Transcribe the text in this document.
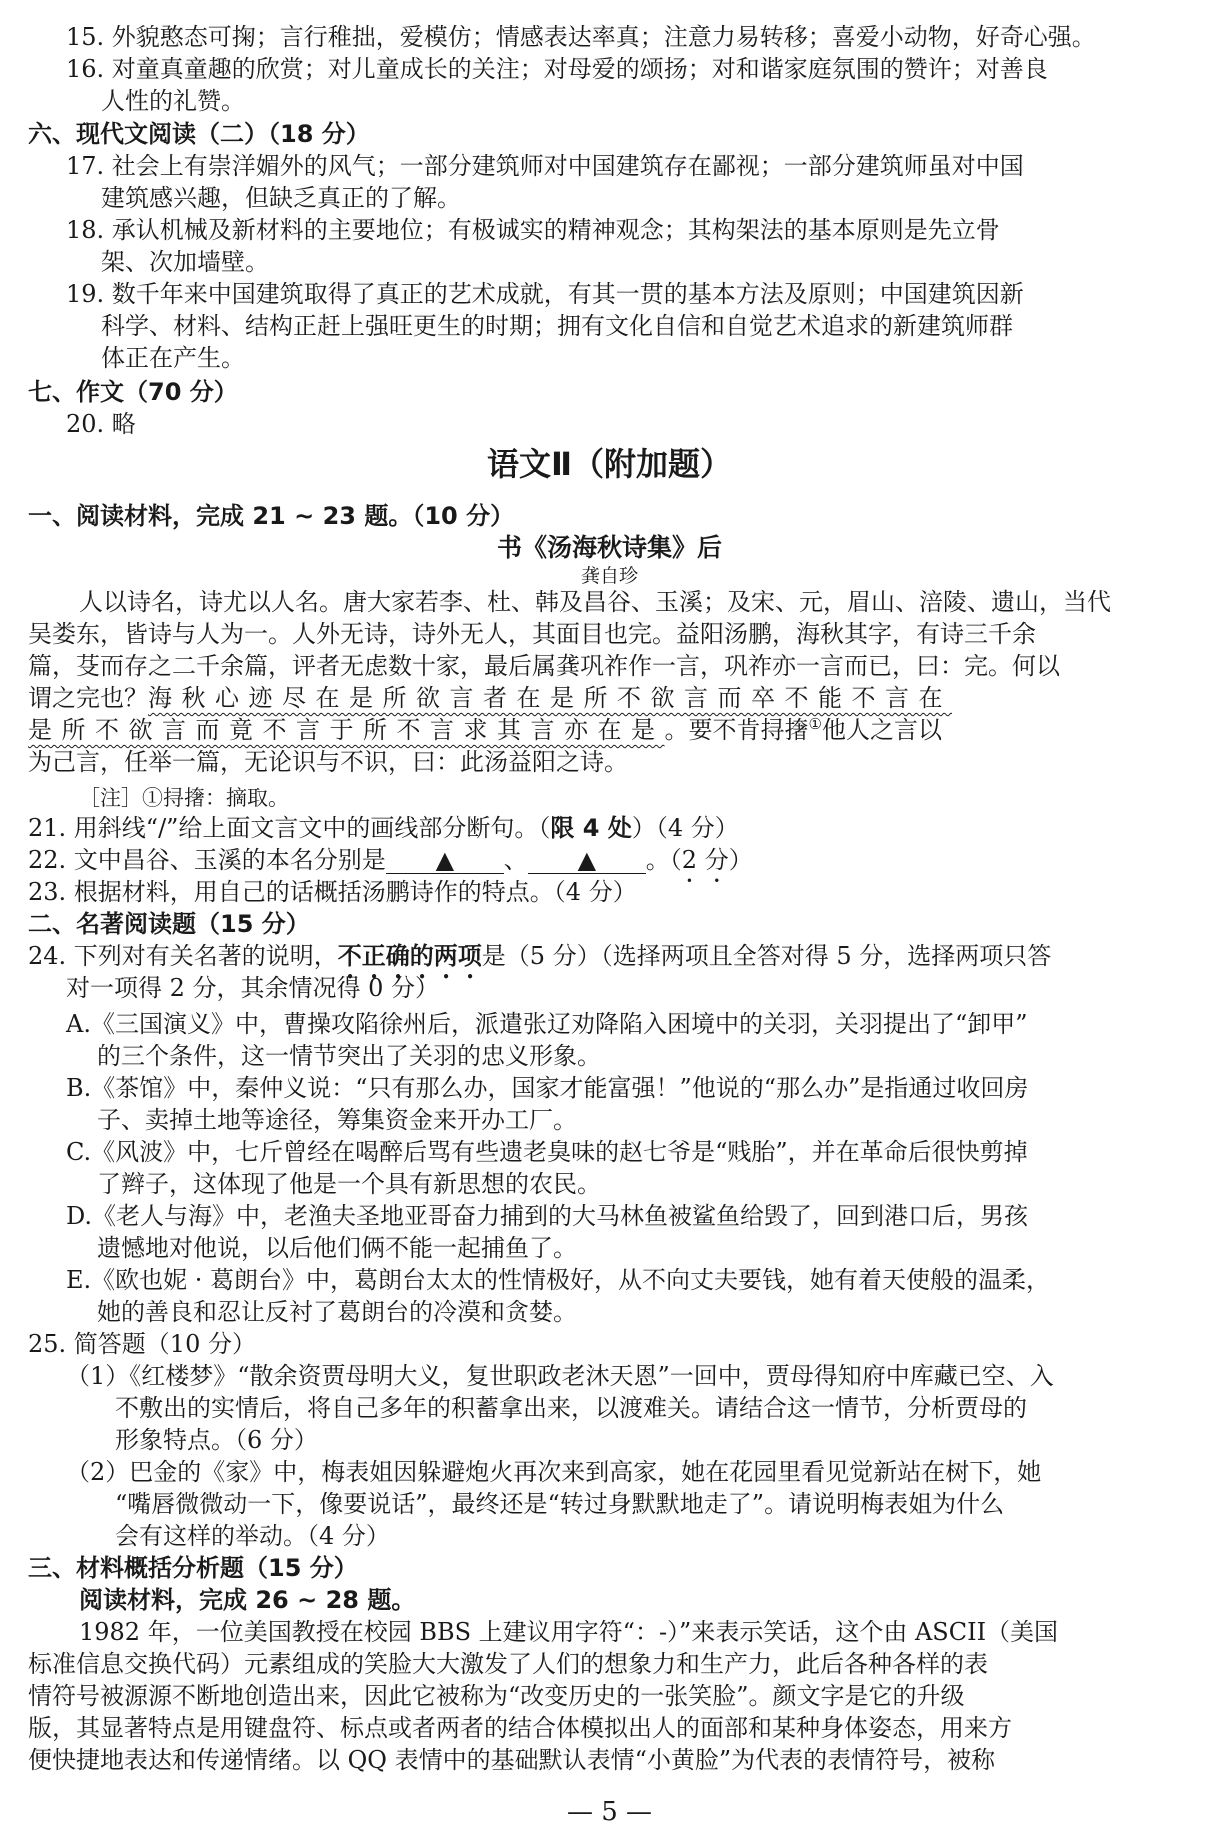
15. 外貌憨态可掬；言行稚拙，爱模仿；情感表达率真；注意力易转移；喜爱小动物，好奇心强。
16. 对童真童趣的欣赏；对儿童成长的关注；对母爱的颂扬；对和谐家庭氛围的赞许；对善良
人性的礼赞。
六、现代文阅读（二）（18 分）
17. 社会上有崇洋媚外的风气；一部分建筑师对中国建筑存在鄙视；一部分建筑师虽对中国
建筑感兴趣，但缺乏真正的了解。
18. 承认机械及新材料的主要地位；有极诚实的精神观念；其构架法的基本原则是先立骨
架、次加墙壁。
19. 数千年来中国建筑取得了真正的艺术成就，有其一贯的基本方法及原则；中国建筑因新
科学、材料、结构正赶上强旺更生的时期；拥有文化自信和自觉艺术追求的新建筑师群
体正在产生。
七、作文（70 分）
20. 略
语文Ⅱ（附加题）
一、阅读材料，完成 21 ~ 23 题。（10 分）
书《汤海秋诗集》后
龚自珍
人以诗名，诗尤以人名。唐大家若李、杜、韩及昌谷、玉溪；及宋、元，眉山、涪陵、遗山，当代
吴娄东，皆诗与人为一。人外无诗，诗外无人，其面目也完。益阳汤鹏，海秋其字，有诗三千余
篇，芟而存之二千余篇，评者无虑数十家，最后属龚巩祚作一言，巩祚亦一言而已，曰：完。何以
谓之完也？海秋心迹尽在是所欲言者在是所不欲言而卒不能不言在
是所不欲言而竟不言于所不言求其言亦在是。要不肯挦撦①他人之言以
为己言，任举一篇，无论识与不识，曰：此汤益阳之诗。
［注］①挦撦：摘取。
21. 用斜线“/”给上面文言文中的画线部分断句。（限 4 处）（4 分）
22. 文中昌谷、玉溪的本名分别是 ▲ 、 ▲ 。（2 分）
23. 根据材料，用自己的话概括汤鹏诗作的特点。（4 分）
二、名著阅读题（15 分）
24. 下列对有关名著的说明，不正确的两项是（5 分）（选择两项且全答对得 5 分，选择两项只答
对一项得 2 分，其余情况得 0 分）
A.《三国演义》中，曹操攻陷徐州后，派遣张辽劝降陷入困境中的关羽，关羽提出了“卸甲”
的三个条件，这一情节突出了关羽的忠义形象。
B.《茶馆》中，秦仲义说：“只有那么办，国家才能富强！”他说的“那么办”是指通过收回房
子、卖掉土地等途径，筹集资金来开办工厂。
C.《风波》中，七斤曾经在喝醉后骂有些遗老臭味的赵七爷是“贱胎”，并在革命后很快剪掉
了辫子，这体现了他是一个具有新思想的农民。
D.《老人与海》中，老渔夫圣地亚哥奋力捕到的大马林鱼被鲨鱼给毁了，回到港口后，男孩
遗憾地对他说，以后他们俩不能一起捕鱼了。
E.《欧也妮 · 葛朗台》中，葛朗台太太的性情极好，从不向丈夫要钱，她有着天使般的温柔，
她的善良和忍让反衬了葛朗台的冷漠和贪婪。
25. 简答题（10 分）
（1）《红楼梦》“散余资贾母明大义，复世职政老沐天恩”一回中，贾母得知府中库藏已空、入
不敷出的实情后，将自己多年的积蓄拿出来，以渡难关。请结合这一情节，分析贾母的
形象特点。（6 分）
（2）巴金的《家》中，梅表姐因躲避炮火再次来到高家，她在花园里看见觉新站在树下，她
“嘴唇微微动一下，像要说话”，最终还是“转过身默默地走了”。请说明梅表姐为什么
会有这样的举动。（4 分）
三、材料概括分析题（15 分）
阅读材料，完成 26 ~ 28 题。
1982 年，一位美国教授在校园 BBS 上建议用字符“：-）”来表示笑话，这个由 ASCII（美国
标准信息交换代码）元素组成的笑脸大大激发了人们的想象力和生产力，此后各种各样的表
情符号被源源不断地创造出来，因此它被称为“改变历史的一张笑脸”。颜文字是它的升级
版，其显著特点是用键盘符、标点或者两者的结合体模拟出人的面部和某种身体姿态，用来方
便快捷地表达和传递情绪。以 QQ 表情中的基础默认表情“小黄脸”为代表的表情符号，被称
— 5 —
